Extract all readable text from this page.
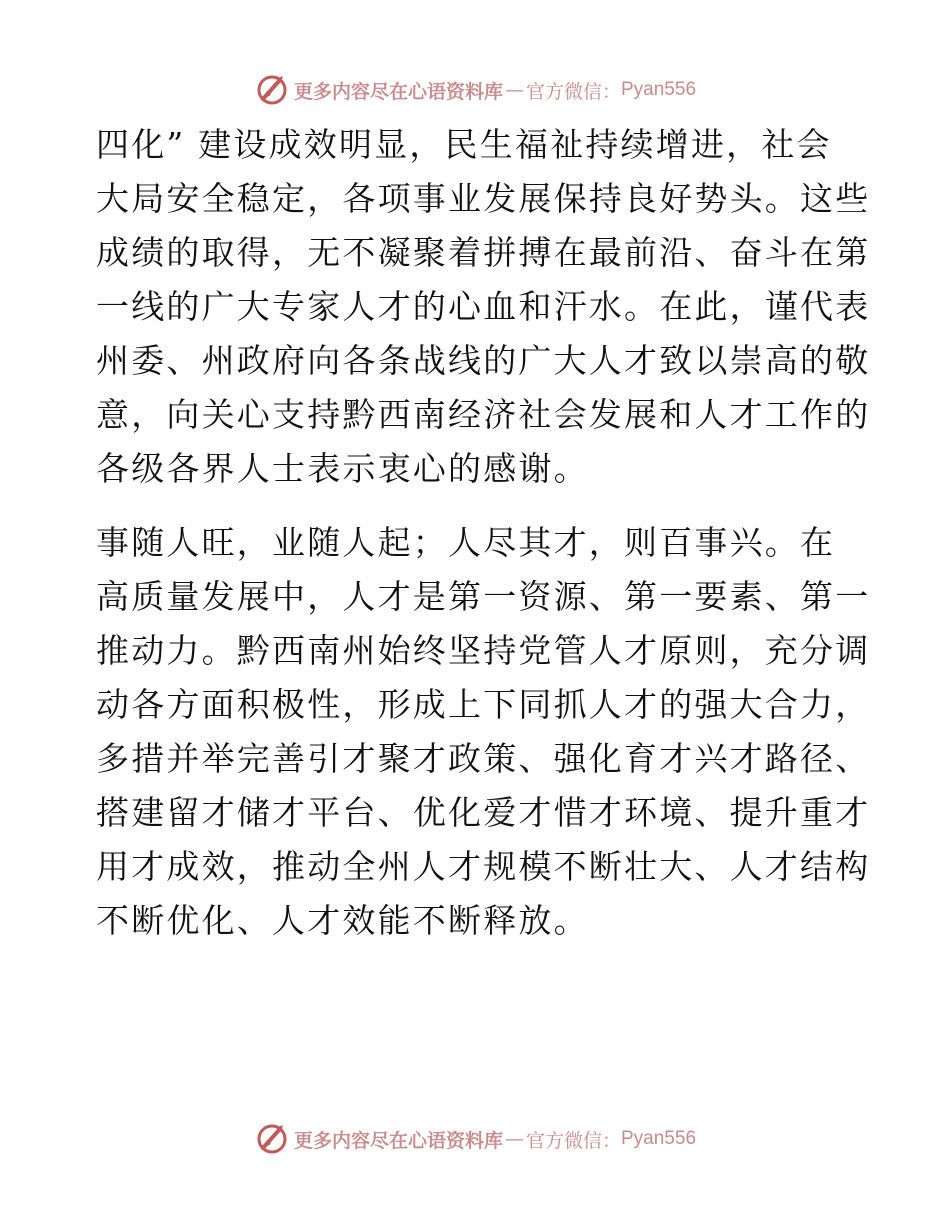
更多内容尽在心语资料库 — 官方微信： Pyan556
四化” 建设成效明显，民生福祉持续增进，社会
大局安全稳定，各项事业发展保持良好势头。这些
成绩的取得，无不凝聚着拼搏在最前沿、奋斗在第
一线的广大专家人才的心血和汗水。在此，谨代表
州委、州政府向各条战线的广大人才致以崇高的敬
意，向关心支持黔西南经济社会发展和人才工作的
各级各界人士表示衷心的感谢。
事随人旺，业随人起；人尽其才，则百事兴。在
高质量发展中，人才是第一资源、第一要素、第一
推动力。黔西南州始终坚持党管人才原则，充分调
动各方面积极性，形成上下同抓人才的强大合力，
多措并举完善引才聚才政策、强化育才兴才路径、
搭建留才储才平台、优化爱才惜才环境、提升重才
用才成效，推动全州人才规模不断壮大、人才结构
不断优化、人才效能不断释放。
更多内容尽在心语资料库 — 官方微信： Pyan556
